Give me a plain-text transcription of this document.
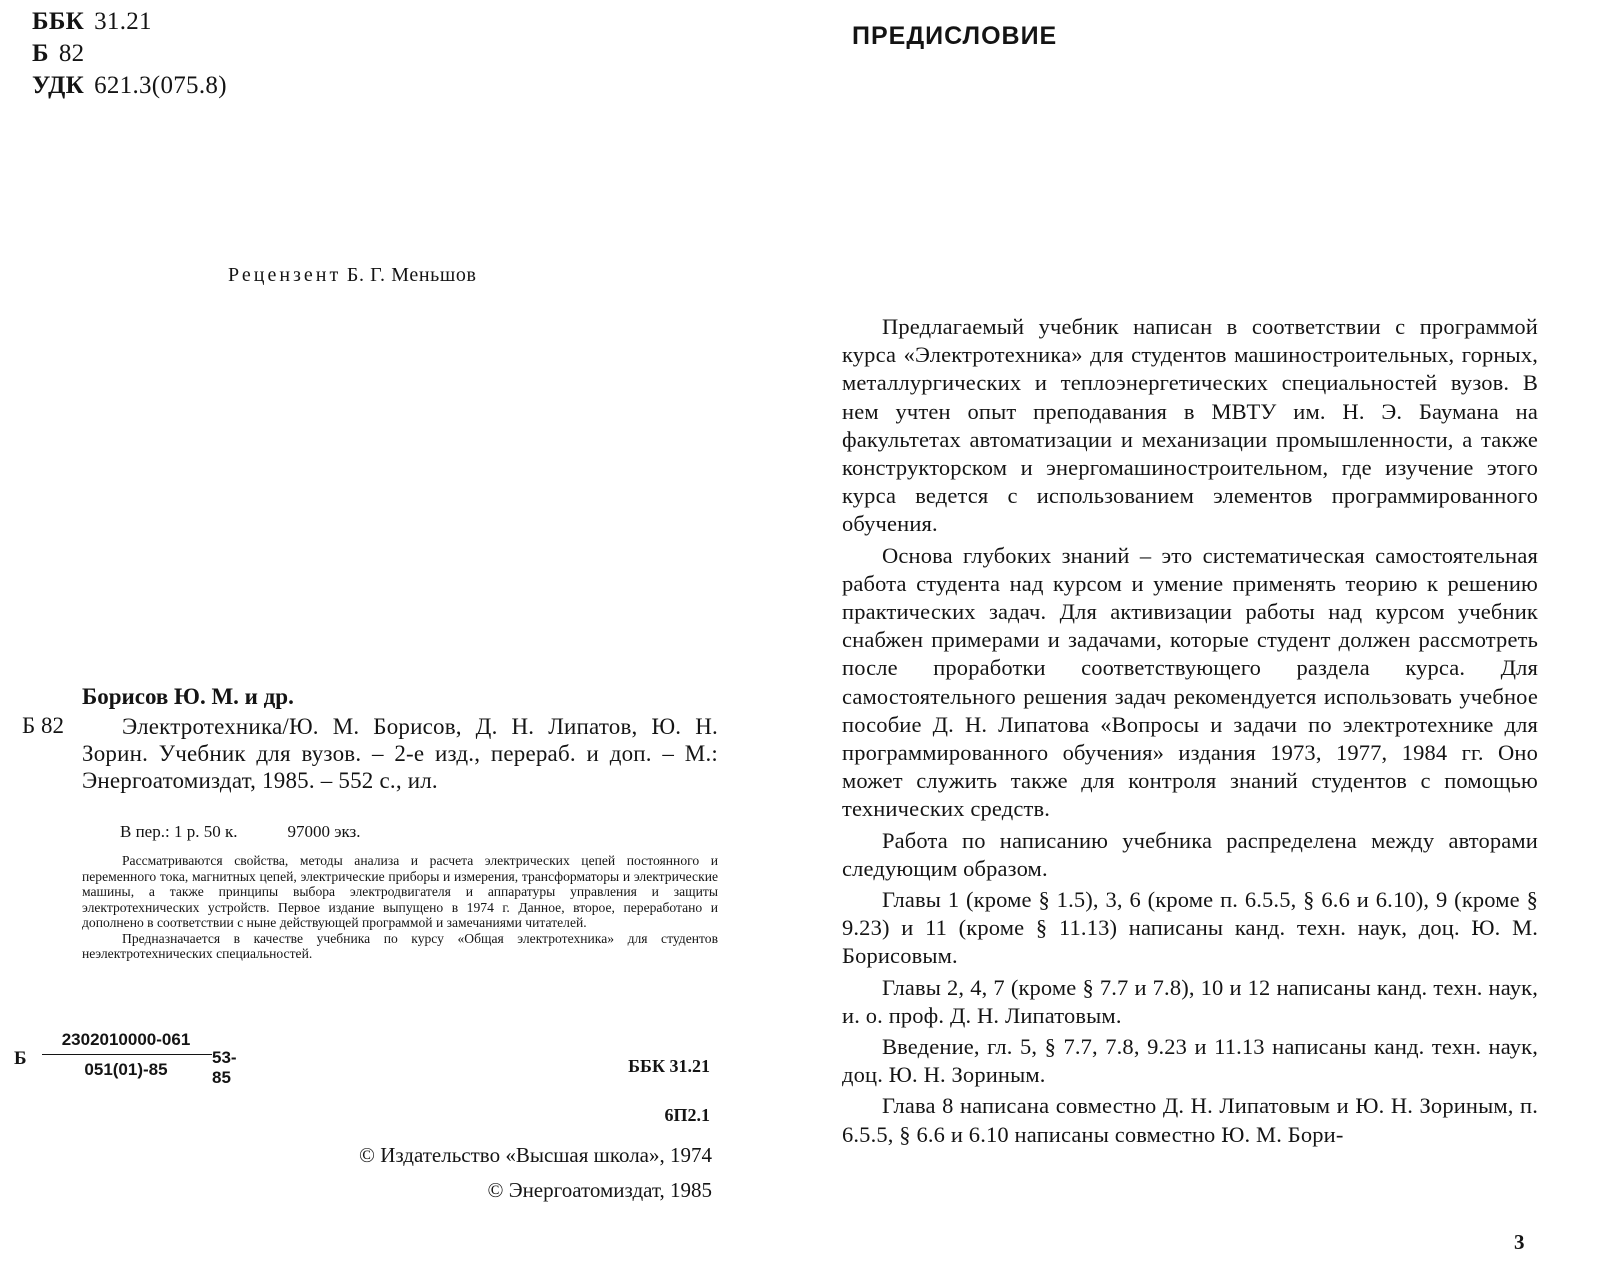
ББК 31.21
Б 82
УДК 621.3(075.8)
Рецензент Б. Г. Меньшов
Борисов Ю. М. и др.
Б 82	Электротехника/Ю. М. Борисов, Д. Н. Липатов, Ю. Н. Зорин. Учебник для вузов. – 2-е изд., перераб. и доп. – М.: Энергоатомиздат, 1985. – 552 с., ил.

В пер.: 1 р. 50 к.	97000 экз.

Рассматриваются свойства, методы анализа и расчета электрических цепей постоянного и переменного тока, магнитных цепей, электрические приборы и измерения, трансформаторы и электрические машины, а также принципы выбора электродвигателя и аппаратуры управления и защиты электротехнических устройств. Первое издание выпущено в 1974 г. Данное, второе, переработано и дополнено в соответствии с ныне действующей программой и замечаниями читателей.

Предназначается в качестве учебника по курсу «Общая электротехника» для студентов неэлектротехнических специальностей.

Б
2302010000-061
051(01)-85
53-85
ББК 31.21
6П2.1
© Издательство «Высшая школа», 1974
© Энергоатомиздат, 1985
ПРЕДИСЛОВИЕ

Предлагаемый учебник написан в соответствии с программой курса «Электротехника» для студентов машиностроительных, горных, металлургических и теплоэнергетических специальностей вузов. В нем учтен опыт преподавания в МВТУ им. Н. Э. Баумана на факультетах автоматизации и механизации промышленности, а также конструкторском и энергомашиностроительном, где изучение этого курса ведется с использованием элементов программированного обучения.

Основа глубоких знаний – это систематическая самостоятельная работа студента над курсом и умение применять теорию к решению практических задач. Для активизации работы над курсом учебник снабжен примерами и задачами, которые студент должен рассмотреть после проработки соответствующего раздела курса. Для самостоятельного решения задач рекомендуется использовать учебное пособие Д. Н. Липатова «Вопросы и задачи по электротехнике для программированного обучения» издания 1973, 1977, 1984 гг. Оно может служить также для контроля знаний студентов с помощью технических средств.

Работа по написанию учебника распределена между авторами следующим образом.

Главы 1 (кроме § 1.5), 3, 6 (кроме п. 6.5.5, § 6.6 и 6.10), 9 (кроме § 9.23) и 11 (кроме § 11.13) написаны канд. техн. наук, доц. Ю. М. Борисовым.

Главы 2, 4, 7 (кроме § 7.7 и 7.8), 10 и 12 написаны канд. техн. наук, и. о. проф. Д. Н. Липатовым.

Введение, гл. 5, § 7.7, 7.8, 9.23 и 11.13 написаны канд. техн. наук, доц. Ю. Н. Зориным.

Глава 8 написана совместно Д. Н. Липатовым и Ю. Н. Зориным, п. 6.5.5, § 6.6 и 6.10 написаны совместно Ю. М. Бори-

3
